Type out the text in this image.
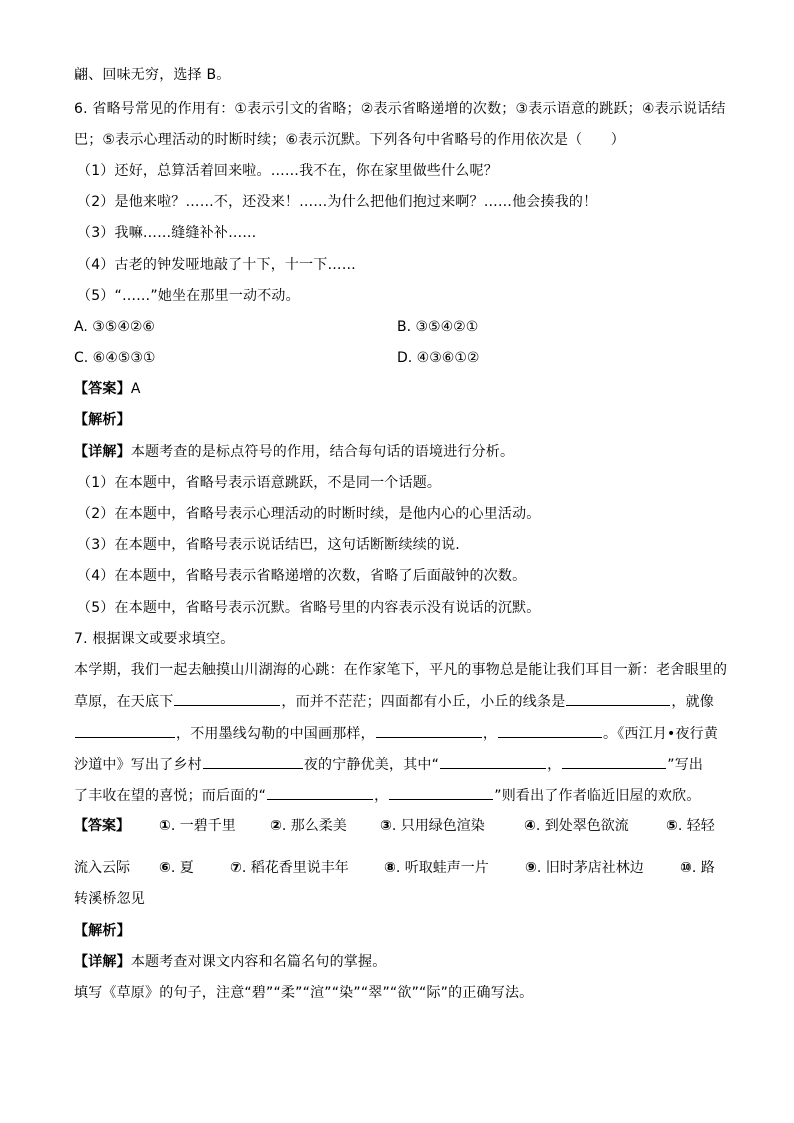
翩、回味无穷，选择 B。
6. 省略号常见的作用有：①表示引文的省略；②表示省略递增的次数；③表示语意的跳跃；④表示说话结
巴；⑤表示心理活动的时断时续；⑥表示沉默。下列各句中省略号的作用依次是（　　）
（1）还好，总算活着回来啦。……我不在，你在家里做些什么呢？
（2）是他来啦？……不，还没来！……为什么把他们抱过来啊？……他会揍我的！
（3）我嘛……缝缝补补……
（4）古老的钟发哑地敲了十下，十一下……
（5）“……”她坐在那里一动不动。
A. ③⑤④②⑥	B. ③⑤④②①
C. ⑥④⑤③①	D. ④③⑥①②
【答案】A
【解析】
【详解】本题考查的是标点符号的作用，结合每句话的语境进行分析。
（1）在本题中，省略号表示语意跳跃，不是同一个话题。
（2）在本题中，省略号表示心理活动的时断时续，是他内心的心里活动。
（3）在本题中，省略号表示说话结巴，这句话断断续续的说.
（4）在本题中，省略号表示省略递增的次数，省略了后面敲钟的次数。
（5）在本题中，省略号表示沉默。省略号里的内容表示没有说话的沉默。
7. 根据课文或要求填空。
本学期，我们一起去触摸山川湖海的心跳：在作家笔下，平凡的事物总是能让我们耳目一新：老舍眼里的
草原，在天底下	，而并不茫茫；四面都有小丘，小丘的线条是	，就像
，不用墨线勾勒的中国画那样，	，	。《西江月•夜行黄
沙道中》写出了乡村	夜的宁静优美，其中“	，	”写出
了丰收在望的喜悦；而后面的“	，	”则看出了作者临近旧屋的欢欣。
【答案】 ①. 一碧千里 ②. 那么柔美 ③. 只用绿色渲染	④. 到处翠色欲流	⑤. 轻轻
流入云际 ⑥. 夏	⑦. 稻花香里说丰年	⑧. 听取蛙声一片	⑨. 旧时茅店社林边	⑩. 路
转溪桥忽见
【解析】
【详解】本题考查对课文内容和名篇名句的掌握。
填写《草原》的句子，注意“碧”“柔”“渲”“染”“翠”“欲”“际”的正确写法。
